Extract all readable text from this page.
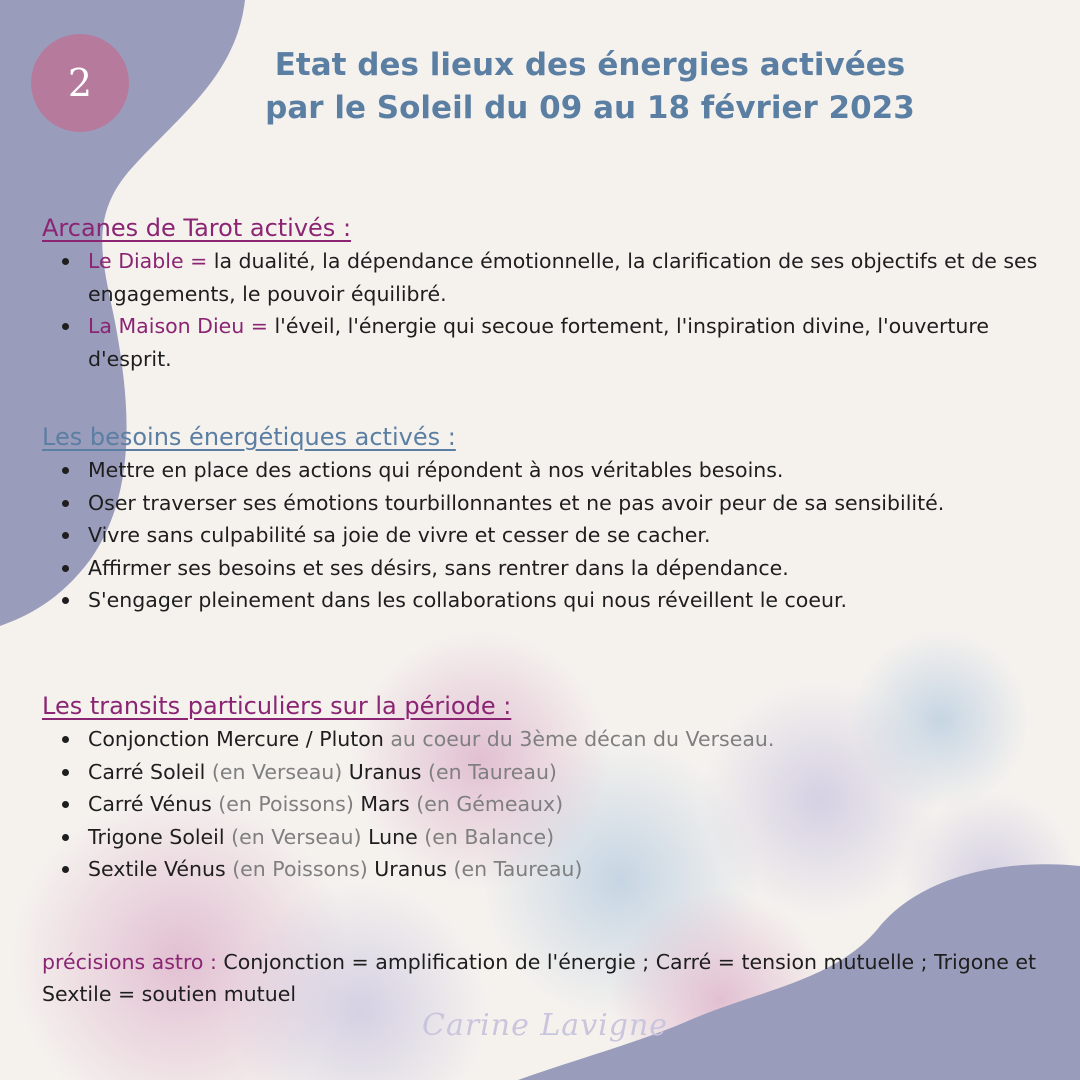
2	Etat des lieux des énergies activées
par le Soleil du 09 au 18 février 2023
Arcanes de Tarot activés :
Le Diable = la dualité, la dépendance émotionnelle, la clarification de ses objectifs et de ses engagements, le pouvoir équilibré.
La Maison Dieu = l'éveil, l'énergie qui secoue fortement, l'inspiration divine, l'ouverture d'esprit.
Les besoins énergétiques activés :
Mettre en place des actions qui répondent à nos véritables besoins.
Oser traverser ses émotions tourbillonnantes et ne pas avoir peur de sa sensibilité.
Vivre sans culpabilité sa joie de vivre et cesser de se cacher.
Affirmer ses besoins et ses désirs, sans rentrer dans la dépendance.
S'engager pleinement dans les collaborations qui nous réveillent le coeur.
Les transits particuliers sur la période :
Conjonction Mercure / Pluton au coeur du 3ème décan du Verseau.
Carré Soleil (en Verseau) Uranus (en Taureau)
Carré Vénus (en Poissons) Mars (en Gémeaux)
Trigone Soleil (en Verseau) Lune (en Balance)
Sextile Vénus (en Poissons) Uranus (en Taureau)

précisions astro : Conjonction = amplification de l'énergie ; Carré = tension mutuelle ; Trigone et Sextile = soutien mutuel

Carine Lavigne
